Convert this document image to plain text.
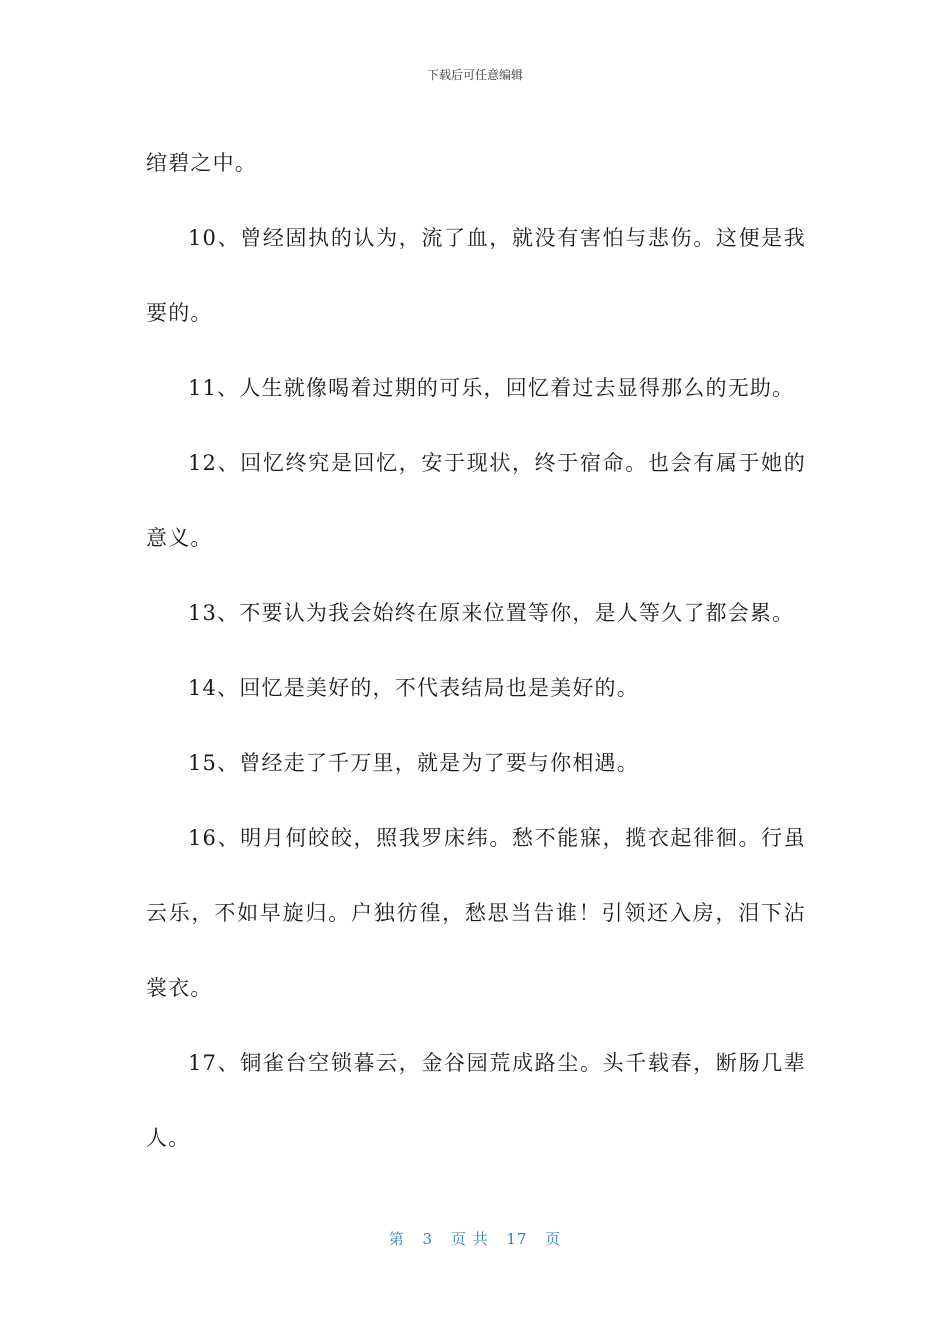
下载后可任意编辑

绾碧之中。

10、曾经固执的认为，流了血，就没有害怕与悲伤。这便是我要的。

11、人生就像喝着过期的可乐，回忆着过去显得那么的无助。

12、回忆终究是回忆，安于现状，终于宿命。也会有属于她的意义。

13、不要认为我会始终在原来位置等你，是人等久了都会累。

14、回忆是美好的，不代表结局也是美好的。

15、曾经走了千万里，就是为了要与你相遇。

16、明月何皎皎，照我罗床纬。愁不能寐，揽衣起徘徊。行虽云乐，不如早旋归。户独彷徨，愁思当告谁！引领还入房，泪下沾裳衣。

17、铜雀台空锁暮云，金谷园荒成路尘。头千载春，断肠几辈人。

第 3 页 共 17 页
